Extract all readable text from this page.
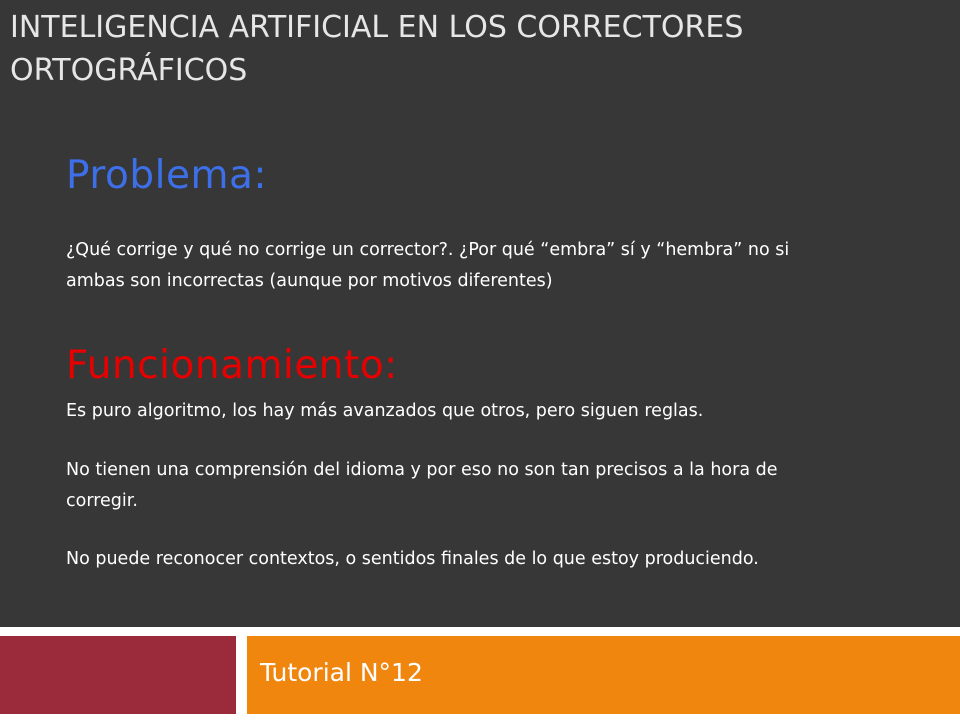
INTELIGENCIA ARTIFICIAL EN LOS CORRECTORES ORTOGRÁFICOS
Problema:
¿Qué corrige y qué no corrige un corrector?. ¿Por qué “embra” sí y “hembra” no si ambas son incorrectas (aunque por motivos diferentes)
Funcionamiento:
Es puro algoritmo, los hay más avanzados que otros, pero siguen reglas.
No tienen una comprensión del idioma y por eso no son tan precisos a la hora de corregir.
No puede reconocer contextos, o sentidos finales de lo que estoy produciendo.
Tutorial N°12
